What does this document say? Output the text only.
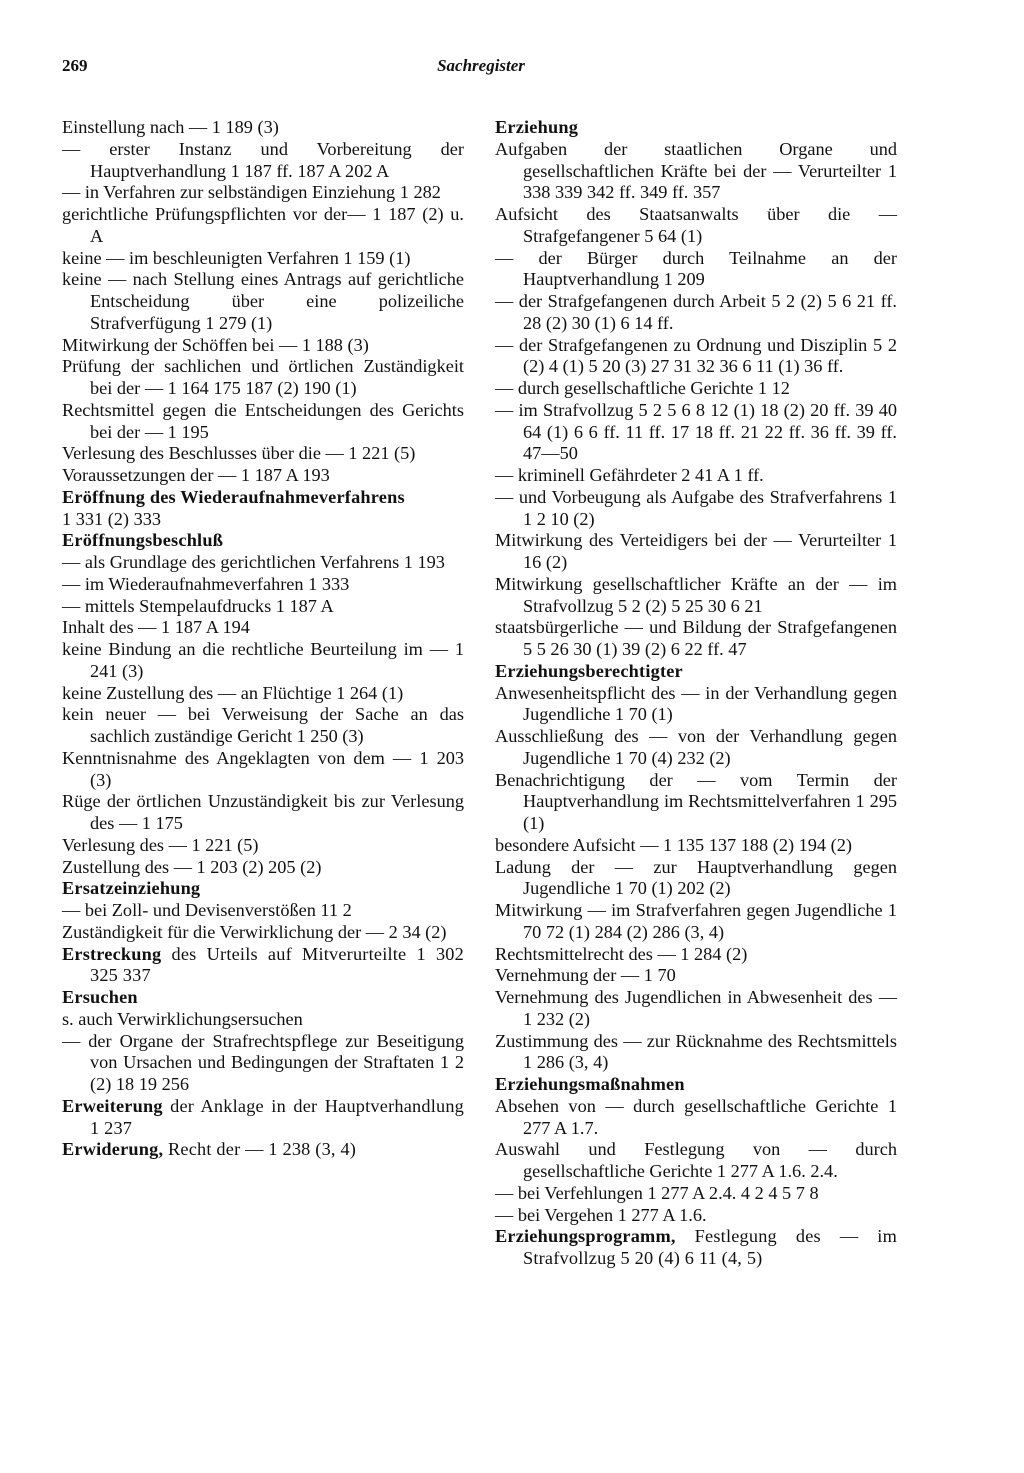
269	Sachregister

Einstellung nach — 1 189 (3)

— erster Instanz und Vorbereitung der Hauptverhandlung 1 187 ff. 187 A 202 A

— in Verfahren zur selbständigen Einziehung 1 282

gerichtliche Prüfungspflichten vor der— 1 187 (2) u. A

keine — im beschleunigten Verfahren 1 159 (1)

keine — nach Stellung eines Antrags auf gerichtliche Entscheidung über eine polizeiliche Strafverfügung 1 279 (1)

Mitwirkung der Schöffen bei — 1 188 (3)

Prüfung der sachlichen und örtlichen Zuständigkeit bei der — 1 164 175 187 (2) 190 (1)

Rechtsmittel gegen die Entscheidungen des Gerichts bei der — 1 195

Verlesung des Beschlusses über die — 1 221 (5)

Voraussetzungen der — 1 187 A 193

Eröffnung des Wiederaufnahmeverfahrens

1 331 (2) 333

Eröffnungsbeschluß

— als Grundlage des gerichtlichen Verfahrens 1 193

— im Wiederaufnahmeverfahren 1 333

— mittels Stempelaufdrucks 1 187 A

Inhalt des — 1 187 A 194

keine Bindung an die rechtliche Beurteilung im — 1 241 (3)

keine Zustellung des — an Flüchtige 1 264 (1)

kein neuer — bei Verweisung der Sache an das sachlich zuständige Gericht 1 250 (3)

Kenntnisnahme des Angeklagten von dem — 1 203 (3)

Rüge der örtlichen Unzuständigkeit bis zur Verlesung des — 1 175

Verlesung des — 1 221 (5)

Zustellung des — 1 203 (2) 205 (2)

Ersatzeinziehung

— bei Zoll- und Devisenverstößen 11 2

Zuständigkeit für die Verwirklichung der — 2 34 (2)

Erstreckung des Urteils auf Mitverurteilte 1 302 325 337

Ersuchen

s. auch Verwirklichungsersuchen

— der Organe der Strafrechtspflege zur Beseitigung von Ursachen und Bedingungen der Straftaten 1 2 (2) 18 19 256

Erweiterung der Anklage in der Hauptverhandlung 1 237

Erwiderung, Recht der — 1 238 (3, 4)

Erziehung

Aufgaben der staatlichen Organe und gesellschaftlichen Kräfte bei der — Verurteilter 1 338 339 342 ff. 349 ff. 357

Aufsicht des Staatsanwalts über die — Strafgefangener 5 64 (1)

— der Bürger durch Teilnahme an der Hauptverhandlung 1 209

— der Strafgefangenen durch Arbeit 5 2 (2) 5 6 21 ff. 28 (2) 30 (1) 6 14 ff.

— der Strafgefangenen zu Ordnung und Disziplin 5 2 (2) 4 (1) 5 20 (3) 27 31 32 36 6 11 (1) 36 ff.

— durch gesellschaftliche Gerichte 1 12

— im Strafvollzug 5 2 5 6 8 12 (1) 18 (2) 20 ff. 39 40 64 (1) 6 6 ff. 11 ff. 17 18 ff. 21 22 ff. 36 ff. 39 ff. 47—50

— kriminell Gefährdeter 2 41 A 1 ff.

— und Vorbeugung als Aufgabe des Strafverfahrens 1 1 2 10 (2)

Mitwirkung des Verteidigers bei der — Verurteilter 1 16 (2)

Mitwirkung gesellschaftlicher Kräfte an der — im Strafvollzug 5 2 (2) 5 25 30 6 21

staatsbürgerliche — und Bildung der Strafgefangenen 5 5 26 30 (1) 39 (2) 6 22 ff. 47

Erziehungsberechtigter

Anwesenheitspflicht des — in der Verhandlung gegen Jugendliche 1 70 (1)

Ausschließung des — von der Verhandlung gegen Jugendliche 1 70 (4) 232 (2)

Benachrichtigung der — vom Termin der Hauptverhandlung im Rechtsmittelverfahren 1 295 (1)

besondere Aufsicht — 1 135 137 188 (2) 194 (2)

Ladung der — zur Hauptverhandlung gegen Jugendliche 1 70 (1) 202 (2)

Mitwirkung — im Strafverfahren gegen Jugendliche 1 70 72 (1) 284 (2) 286 (3, 4)

Rechtsmittelrecht des — 1 284 (2)

Vernehmung der — 1 70

Vernehmung des Jugendlichen in Abwesenheit des — 1 232 (2)

Zustimmung des — zur Rücknahme des Rechtsmittels 1 286 (3, 4)

Erziehungsmaßnahmen

Absehen von — durch gesellschaftliche Gerichte 1 277 A 1.7.

Auswahl und Festlegung von — durch gesellschaftliche Gerichte 1 277 A 1.6. 2.4.

— bei Verfehlungen 1 277 A 2.4. 4 2 4 5 7 8

— bei Vergehen 1 277 A 1.6.

Erziehungsprogramm, Festlegung des — im Strafvollzug 5 20 (4) 6 11 (4, 5)
